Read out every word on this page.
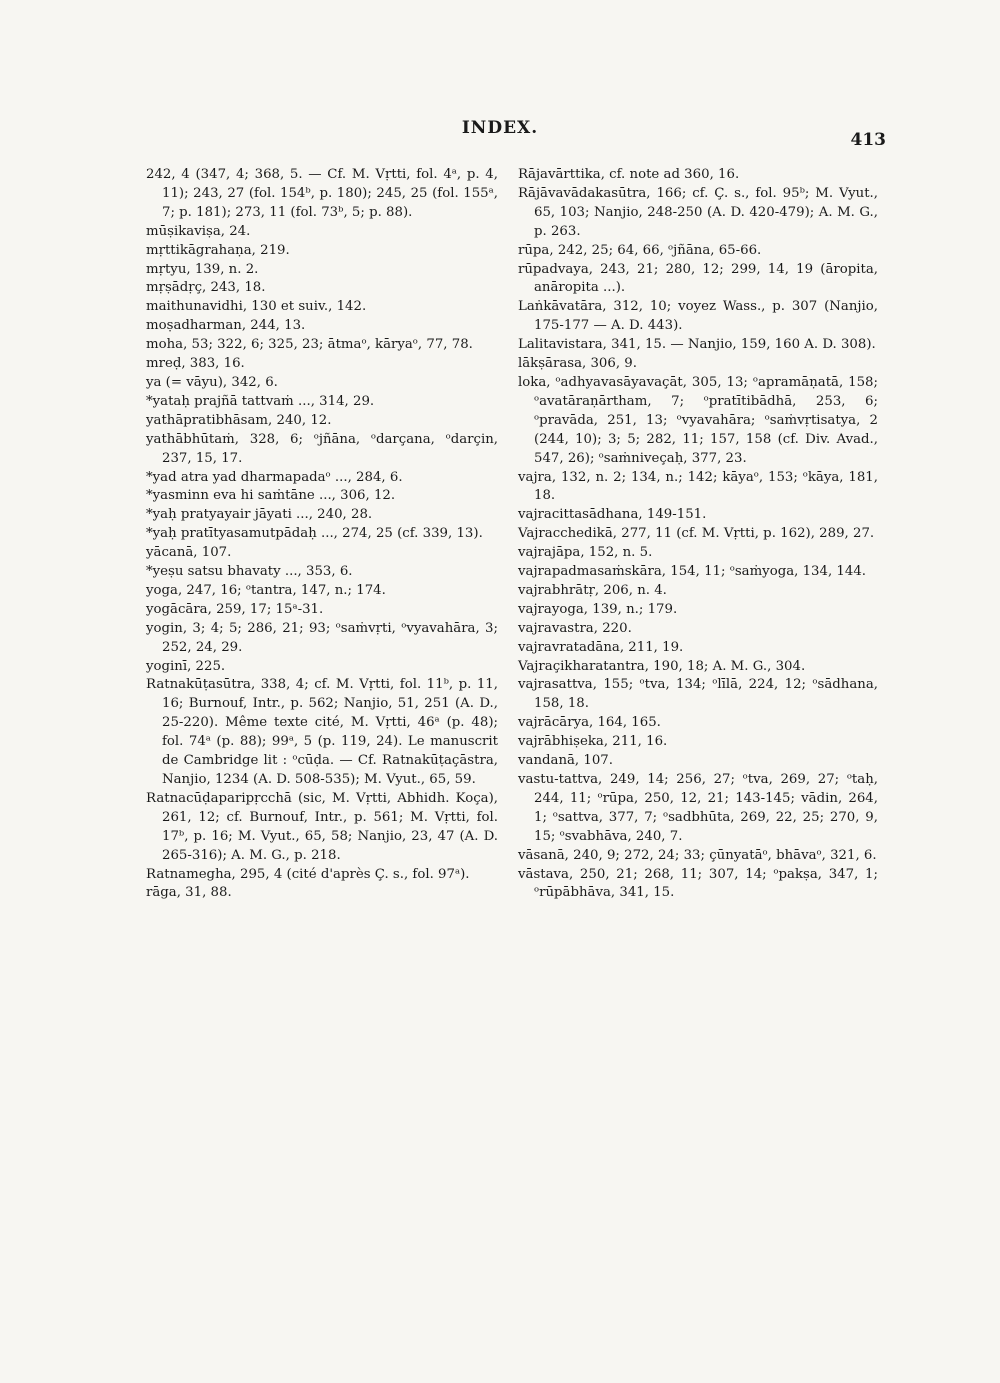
INDEX.
413

242, 4 (347, 4; 368, 5. — Cf. M. Vṛtti, fol. 4ᵃ, p. 4, 11); 243, 27 (fol. 154ᵇ, p. 180); 245, 25 (fol. 155ᵃ, 7; p. 181); 273, 11 (fol. 73ᵇ, 5; p. 88).

mūṣikaviṣa, 24.

mṛttikāgrahaṇa, 219.

mṛtyu, 139, n. 2.

mṛṣādṛç, 243, 18.

maithunavidhi, 130 et suiv., 142.

moṣadharman, 244, 13.

moha, 53; 322, 6; 325, 23; ātmaᵒ, kāryaᵒ, 77, 78.

mreḍ, 383, 16.

ya (= vāyu), 342, 6.

*yataḥ prajñā tattvaṁ ..., 314, 29.

yathāpratibhāsam, 240, 12.

yathābhūtaṁ, 328, 6; ᵒjñāna, ᵒdarçana, ᵒdarçin, 237, 15, 17.

*yad atra yad dharmapadaᵒ ..., 284, 6.

*yasminn eva hi saṁtāne ..., 306, 12.

*yaḥ pratyayair jāyati ..., 240, 28.

*yaḥ pratītyasamutpādaḥ ..., 274, 25 (cf. 339, 13).

yācanā, 107.

*yeṣu satsu bhavaty ..., 353, 6.

yoga, 247, 16; ᵒtantra, 147, n.; 174.

yogācāra, 259, 17; 15ᵃ-31.

yogin, 3; 4; 5; 286, 21; 93; ᵒsaṁvṛti, ᵒvyavahāra, 3; 252, 24, 29.

yoginī, 225.

Ratnakūṭasūtra, 338, 4; cf. M. Vṛtti, fol. 11ᵇ, p. 11, 16; Burnouf, Intr., p. 562; Nanjio, 51, 251 (A. D., 25-220). Même texte cité, M. Vṛtti, 46ᵃ (p. 48); fol. 74ᵃ (p. 88); 99ᵃ, 5 (p. 119, 24). Le manuscrit de Cambridge lit : ᵒcūḍa. — Cf. Ratnakūṭaçāstra, Nanjio, 1234 (A. D. 508-535); M. Vyut., 65, 59.

Ratnacūḍaparipṛcchā (sic, M. Vṛtti, Abhidh. Koça), 261, 12; cf. Burnouf, Intr., p. 561; M. Vṛtti, fol. 17ᵇ, p. 16; M. Vyut., 65, 58; Nanjio, 23, 47 (A. D. 265-316); A. M. G., p. 218.

Ratnamegha, 295, 4 (cité d'après Ç. s., fol. 97ᵃ).

rāga, 31, 88.

Rājavārttika, cf. note ad 360, 16.

Rājāvavādakasūtra, 166; cf. Ç. s., fol. 95ᵇ; M. Vyut., 65, 103; Nanjio, 248-250 (A. D. 420-479); A. M. G., p. 263.

rūpa, 242, 25; 64, 66, ᵒjñāna, 65-66.

rūpadvaya, 243, 21; 280, 12; 299, 14, 19 (āropita, anāropita ...).

Laṅkāvatāra, 312, 10; voyez Wass., p. 307 (Nanjio, 175-177 — A. D. 443).

Lalitavistara, 341, 15. — Nanjio, 159, 160 A. D. 308).

lākṣārasa, 306, 9.

loka, ᵒadhyavasāyavaçāt, 305, 13; ᵒapramāṇatā, 158; ᵒavatāraṇārtham, 7; ᵒpratītibādhā, 253, 6; ᵒpravāda, 251, 13; ᵒvyavahāra; ᵒsaṁvṛtisatya, 2 (244, 10); 3; 5; 282, 11; 157, 158 (cf. Div. Avad., 547, 26); ᵒsaṁniveçaḥ, 377, 23.

vajra, 132, n. 2; 134, n.; 142; kāyaᵒ, 153; ᵒkāya, 181, 18.

vajracittasādhana, 149-151.

Vajracchedikā, 277, 11 (cf. M. Vṛtti, p. 162), 289, 27.

vajrajāpa, 152, n. 5.

vajrapadmasaṁskāra, 154, 11; ᵒsaṁyoga, 134, 144.

vajrabhrātṛ, 206, n. 4.

vajrayoga, 139, n.; 179.

vajravastra, 220.

vajravratadāna, 211, 19.

Vajraçikharatantra, 190, 18; A. M. G., 304.

vajrasattva, 155; ᵒtva, 134; ᵒlīlā, 224, 12; ᵒsādhana, 158, 18.

vajrācārya, 164, 165.

vajrābhiṣeka, 211, 16.

vandanā, 107.

vastu-tattva, 249, 14; 256, 27; ᵒtva, 269, 27; ᵒtaḥ, 244, 11; ᵒrūpa, 250, 12, 21; 143-145; vādin, 264, 1; ᵒsattva, 377, 7; ᵒsadbhūta, 269, 22, 25; 270, 9, 15; ᵒsvabhāva, 240, 7.

vāsanā, 240, 9; 272, 24; 33; çūnyatāᵒ, bhāvaᵒ, 321, 6.

vāstava, 250, 21; 268, 11; 307, 14; ᵒpakṣa, 347, 1; ᵒrūpābhāva, 341, 15.
